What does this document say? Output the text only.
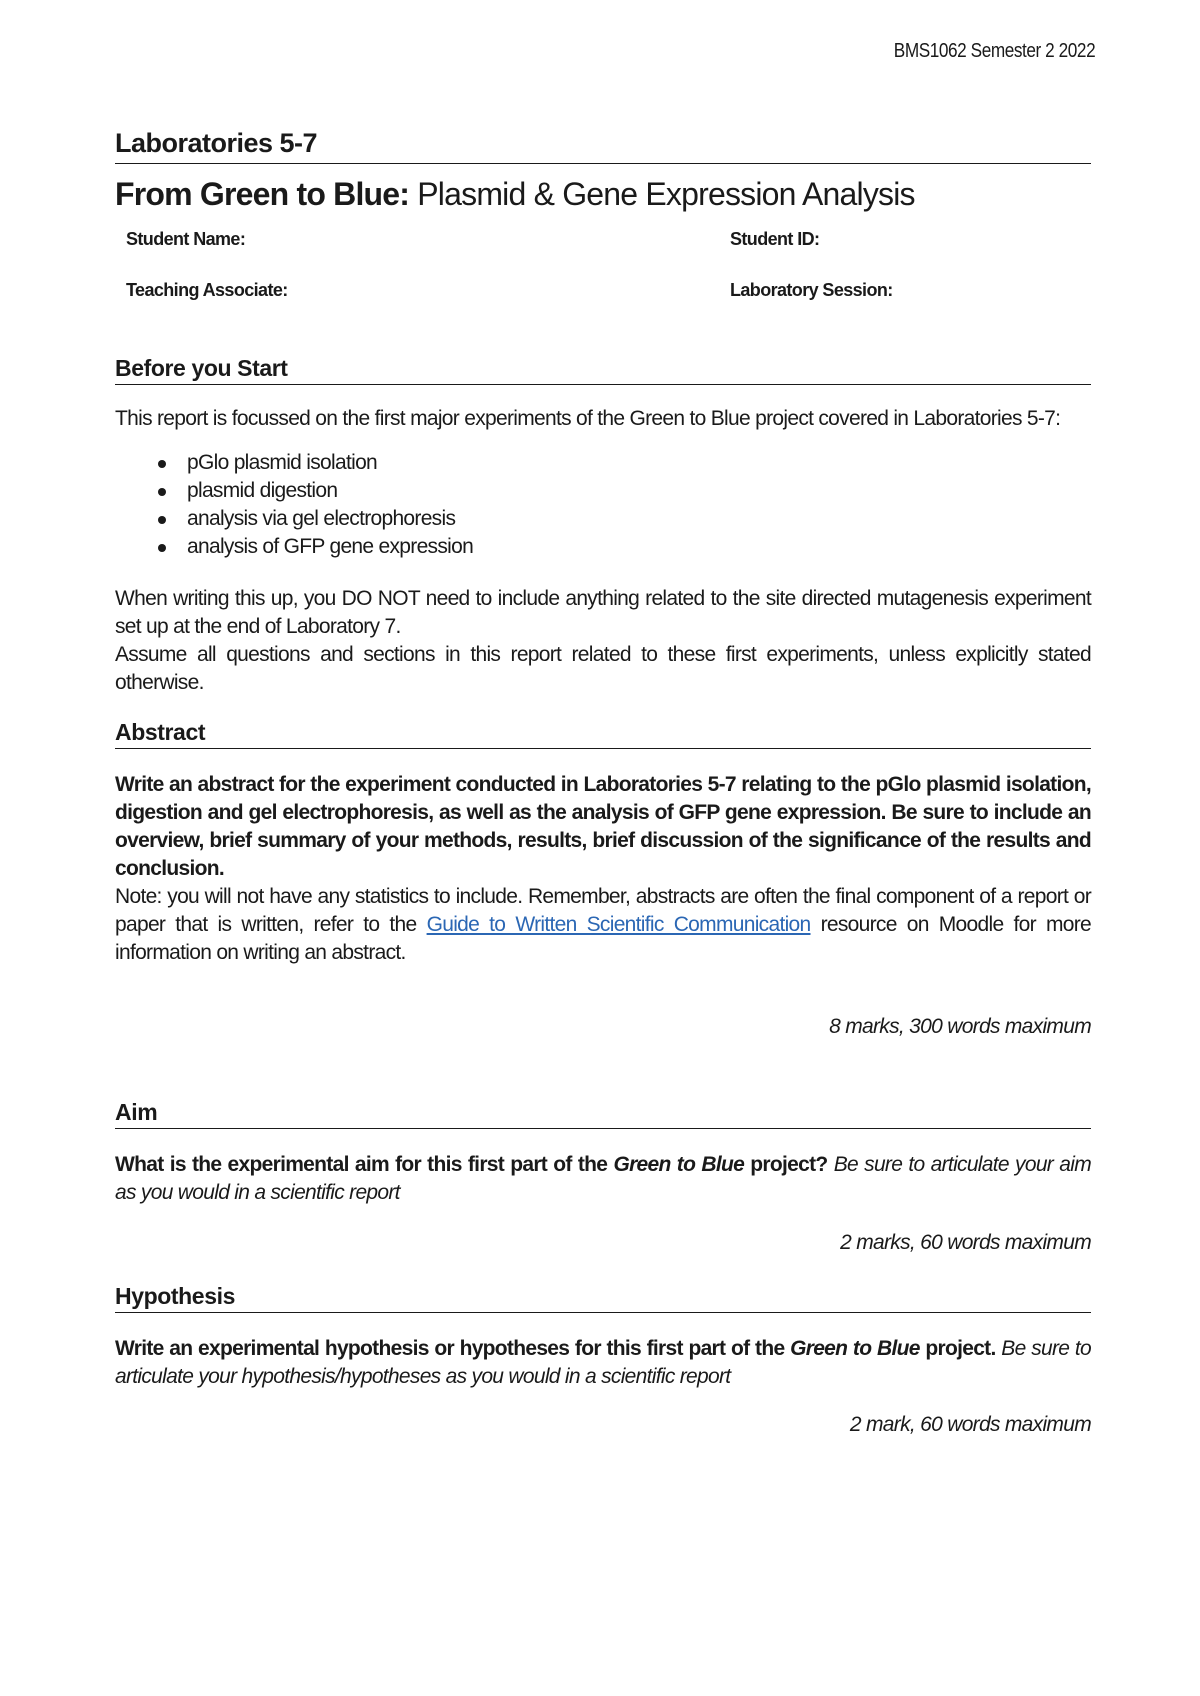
BMS1062 Semester 2 2022
Laboratories 5-7
From Green to Blue: Plasmid & Gene Expression Analysis
Student Name:	Student ID:
Teaching Associate:	Laboratory Session:
Before you Start

This report is focussed on the first major experiments of the Green to Blue project covered in Laboratories 5-7:

pGlo plasmid isolation
plasmid digestion
analysis via gel electrophoresis
analysis of GFP gene expression

When writing this up, you DO NOT need to include anything related to the site directed mutagenesis experiment set up at the end of Laboratory 7.

Assume all questions and sections in this report related to these first experiments, unless explicitly stated otherwise.

Abstract

Write an abstract for the experiment conducted in Laboratories 5-7 relating to the pGlo plasmid isolation, digestion and gel electrophoresis, as well as the analysis of GFP gene expression. Be sure to include an overview, brief summary of your methods, results, brief discussion of the significance of the results and conclusion.

Note: you will not have any statistics to include. Remember, abstracts are often the final component of a report or paper that is written, refer to the Guide to Written Scientific Communication resource on Moodle for more information on writing an abstract.

8 marks, 300 words maximum

Aim

What is the experimental aim for this first part of the Green to Blue project? Be sure to articulate your aim as you would in a scientific report

2 marks, 60 words maximum

Hypothesis

Write an experimental hypothesis or hypotheses for this first part of the Green to Blue project. Be sure to articulate your hypothesis/hypotheses as you would in a scientific report

2 mark, 60 words maximum
